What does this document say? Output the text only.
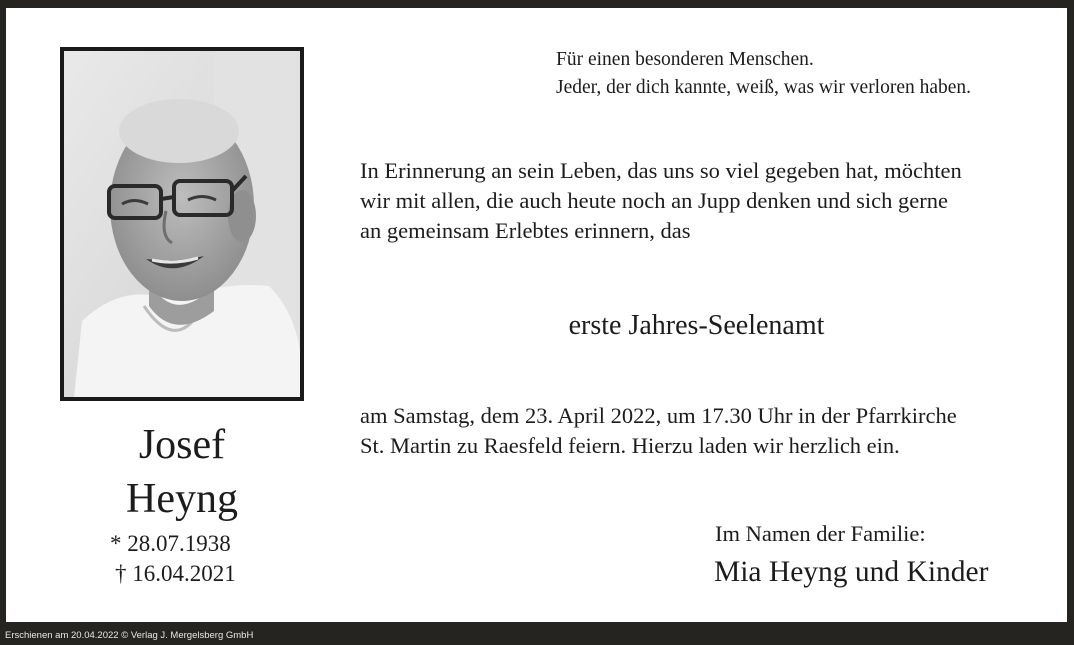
Josef
Heyng
* 28.07.1938
† 16.04.2021
Für einen besonderen Menschen.
Jeder, der dich kannte, weiß, was wir verloren haben.
In Erinnerung an sein Leben, das uns so viel gegeben hat, möchten
wir mit allen, die auch heute noch an Jupp denken und sich gerne
an gemeinsam Erlebtes erinnern, das
erste Jahres-Seelenamt
am Samstag, dem 23. April 2022, um 17.30 Uhr in der Pfarrkirche
St. Martin zu Raesfeld feiern. Hierzu laden wir herzlich ein.
Im Namen der Familie:
Mia Heyng und Kinder
Erschienen am 20.04.2022 © Verlag J. Mergelsberg GmbH
